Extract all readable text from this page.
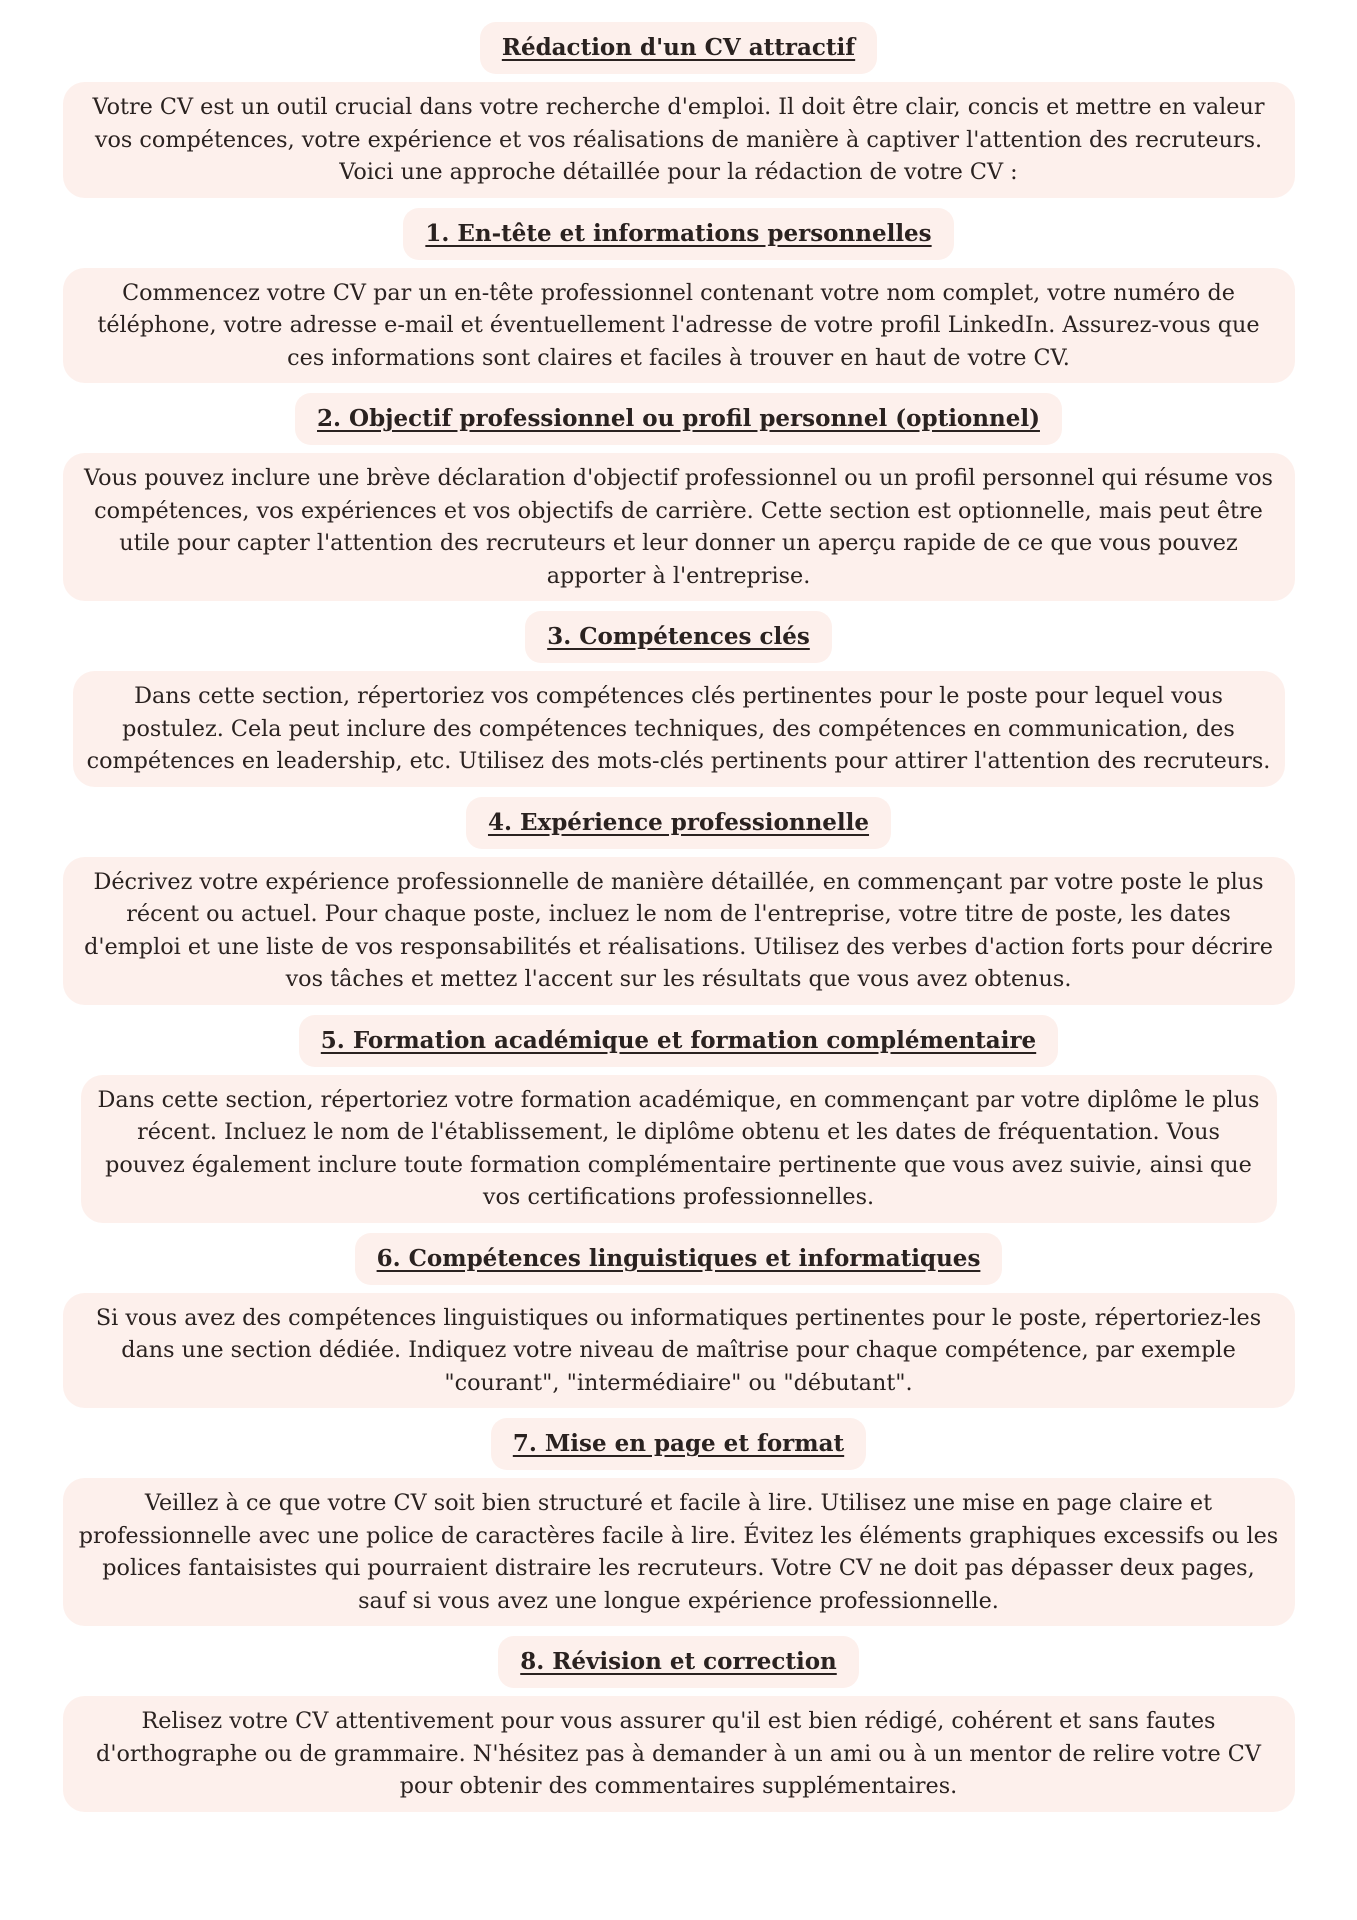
Rédaction d'un CV attractif
Votre CV est un outil crucial dans votre recherche d'emploi. Il doit être clair, concis et mettre en valeur vos compétences, votre expérience et vos réalisations de manière à captiver l'attention des recruteurs. Voici une approche détaillée pour la rédaction de votre CV :
1. En-tête et informations personnelles
Commencez votre CV par un en-tête professionnel contenant votre nom complet, votre numéro de téléphone, votre adresse e-mail et éventuellement l'adresse de votre profil LinkedIn. Assurez-vous que ces informations sont claires et faciles à trouver en haut de votre CV.
2. Objectif professionnel ou profil personnel (optionnel)
Vous pouvez inclure une brève déclaration d'objectif professionnel ou un profil personnel qui résume vos compétences, vos expériences et vos objectifs de carrière. Cette section est optionnelle, mais peut être utile pour capter l'attention des recruteurs et leur donner un aperçu rapide de ce que vous pouvez apporter à l'entreprise.
3. Compétences clés
Dans cette section, répertoriez vos compétences clés pertinentes pour le poste pour lequel vous postulez. Cela peut inclure des compétences techniques, des compétences en communication, des compétences en leadership, etc. Utilisez des mots-clés pertinents pour attirer l'attention des recruteurs.
4. Expérience professionnelle
Décrivez votre expérience professionnelle de manière détaillée, en commençant par votre poste le plus récent ou actuel. Pour chaque poste, incluez le nom de l'entreprise, votre titre de poste, les dates d'emploi et une liste de vos responsabilités et réalisations. Utilisez des verbes d'action forts pour décrire vos tâches et mettez l'accent sur les résultats que vous avez obtenus.
5. Formation académique et formation complémentaire
Dans cette section, répertoriez votre formation académique, en commençant par votre diplôme le plus récent. Incluez le nom de l'établissement, le diplôme obtenu et les dates de fréquentation. Vous pouvez également inclure toute formation complémentaire pertinente que vous avez suivie, ainsi que vos certifications professionnelles.
6. Compétences linguistiques et informatiques
Si vous avez des compétences linguistiques ou informatiques pertinentes pour le poste, répertoriez-les dans une section dédiée. Indiquez votre niveau de maîtrise pour chaque compétence, par exemple "courant", "intermédiaire" ou "débutant".
7. Mise en page et format
Veillez à ce que votre CV soit bien structuré et facile à lire. Utilisez une mise en page claire et professionnelle avec une police de caractères facile à lire. Évitez les éléments graphiques excessifs ou les polices fantaisistes qui pourraient distraire les recruteurs. Votre CV ne doit pas dépasser deux pages, sauf si vous avez une longue expérience professionnelle.
8. Révision et correction
Relisez votre CV attentivement pour vous assurer qu'il est bien rédigé, cohérent et sans fautes d'orthographe ou de grammaire. N'hésitez pas à demander à un ami ou à un mentor de relire votre CV pour obtenir des commentaires supplémentaires.
